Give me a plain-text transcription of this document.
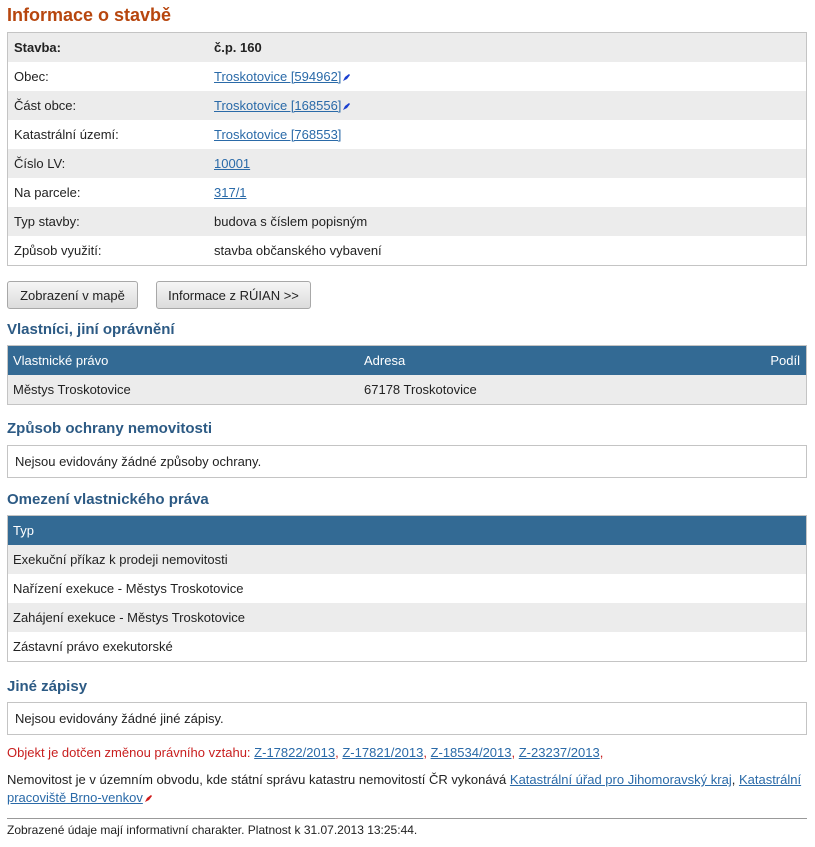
Informace o stavbě
Stavba:	č.p. 160
Obec:	Troskotovice [594962]
Část obce:	Troskotovice [168556]
Katastrální území:	Troskotovice [768553]
Číslo LV:	10001
Na parcele:	317/1
Typ stavby:	budova s číslem popisným
Způsob využití:	stavba občanského vybavení
Zobrazení v mapě	Informace z RÚIAN >>
Vlastníci, jiní oprávnění
Vlastnické právo	Adresa	Podíl
Městys Troskotovice	67178 Troskotovice
Způsob ochrany nemovitosti
Nejsou evidovány žádné způsoby ochrany.
Omezení vlastnického práva
Typ
Exekuční příkaz k prodeji nemovitosti
Nařízení exekuce - Městys Troskotovice
Zahájení exekuce - Městys Troskotovice
Zástavní právo exekutorské
Jiné zápisy
Nejsou evidovány žádné jiné zápisy.
Objekt je dotčen změnou právního vztahu: Z-17822/2013, Z-17821/2013, Z-18534/2013, Z-23237/2013,
Nemovitost je v územním obvodu, kde státní správu katastru nemovitostí ČR vykonává Katastrální úřad pro Jihomoravský kraj, Katastrální pracoviště Brno-venkov
Zobrazené údaje mají informativní charakter. Platnost k 31.07.2013 13:25:44.
